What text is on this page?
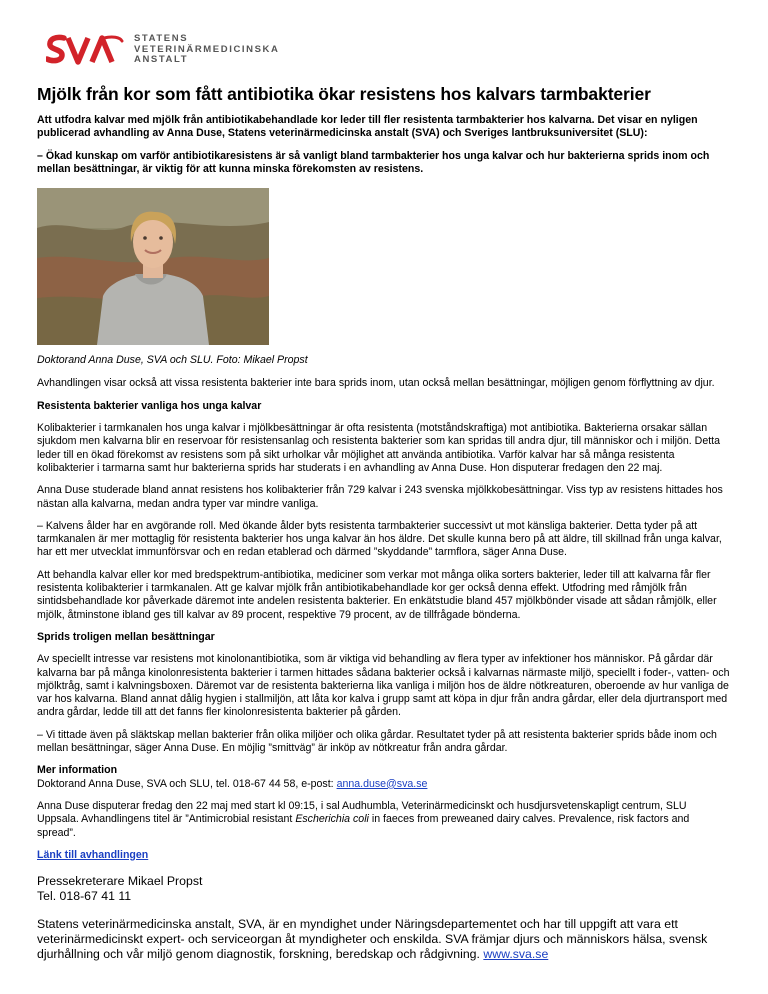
STATENS
VETERINÄRMEDICINSKA
ANSTALT
Mjölk från kor som fått antibiotika ökar resistens hos kalvars tarmbakterier

Att utfodra kalvar med mjölk från antibiotikabehandlade kor leder till fler resistenta tarmbakterier hos kalvarna. Det visar en nyligen publicerad avhandling av Anna Duse, Statens veterinärmedicinska anstalt (SVA) och Sveriges lantbruksuniversitet (SLU):

– Ökad kunskap om varför antibiotikaresistens är så vanligt bland tarmbakterier hos unga kalvar och hur bakterierna sprids inom och mellan besättningar, är viktig för att kunna minska förekomsten av resistens.

Doktorand Anna Duse, SVA och SLU. Foto: Mikael Propst

Avhandlingen visar också att vissa resistenta bakterier inte bara sprids inom, utan också mellan besättningar, möjligen genom förflyttning av djur.

Resistenta bakterier vanliga hos unga kalvar

Kolibakterier i tarmkanalen hos unga kalvar i mjölkbesättningar är ofta resistenta (motståndskraftiga) mot antibiotika. Bakterierna orsakar sällan sjukdom men kalvarna blir en reservoar för resistensanlag och resistenta bakterier som kan spridas till andra djur, till människor och i miljön. Detta leder till en ökad förekomst av resistens som på sikt urholkar vår möjlighet att använda antibiotika. Varför kalvar har så många resistenta kolibakterier i tarmarna samt hur bakterierna sprids har studerats i en avhandling av Anna Duse. Hon disputerar fredagen den 22 maj.

Anna Duse studerade bland annat resistens hos kolibakterier från 729 kalvar i 243 svenska mjölkkobesättningar. Viss typ av resistens hittades hos nästan alla kalvarna, medan andra typer var mindre vanliga.

– Kalvens ålder har en avgörande roll. Med ökande ålder byts resistenta tarmbakterier successivt ut mot känsliga bakterier. Detta tyder på att tarmkanalen är mer mottaglig för resistenta bakterier hos unga kalvar än hos äldre. Det skulle kunna bero på att äldre, till skillnad från unga kalvar, har ett mer utvecklat immunförsvar och en redan etablerad och därmed ”skyddande” tarmflora, säger Anna Duse.

Att behandla kalvar eller kor med bredspektrum-antibiotika, mediciner som verkar mot många olika sorters bakterier, leder till att kalvarna får fler resistenta kolibakterier i tarmkanalen. Att ge kalvar mjölk från antibiotikabehandlade kor ger också denna effekt. Utfodring med råmjölk från sintidsbehandlade kor påverkade däremot inte andelen resistenta bakterier. En enkätstudie bland 457 mjölkbönder visade att sådan råmjölk, eller mjölk, åtminstone ibland ges till kalvar av 89 procent, respektive 79 procent, av de tillfrågade bönderna.

Sprids troligen mellan besättningar

Av speciellt intresse var resistens mot kinolonantibiotika, som är viktiga vid behandling av flera typer av infektioner hos människor. På gårdar där kalvarna bar på många kinolonresistenta bakterier i tarmen hittades sådana bakterier också i kalvarnas närmaste miljö, speciellt i foder-, vatten- och mjölktråg, samt i kalvningsboxen. Däremot var de resistenta bakterierna lika vanliga i miljön hos de äldre nötkreaturen, oberoende av hur vanliga de var hos kalvarna. Bland annat dålig hygien i stallmiljön, att låta kor kalva i grupp samt att köpa in djur från andra gårdar, eller dela djurtransport med andra gårdar, ledde till att det fanns fler kinolonresistenta bakterier på gården.

– Vi tittade även på släktskap mellan bakterier från olika miljöer och olika gårdar. Resultatet tyder på att resistenta bakterier sprids både inom och mellan besättningar, säger Anna Duse. En möjlig ”smittväg” är inköp av nötkreatur från andra gårdar.

Mer information

Doktorand Anna Duse, SVA och SLU, tel. 018-67 44 58, e-post: anna.duse@sva.se

Anna Duse disputerar fredag den 22 maj med start kl 09:15, i sal Audhumbla, Veterinärmedicinskt och husdjursvetenskapligt centrum, SLU Uppsala. Avhandlingens titel är ”Antimicrobial resistant Escherichia coli in faeces from preweaned dairy calves. Prevalence, risk factors and spread”.

Länk till avhandlingen

Pressekreterare Mikael Propst
Tel. 018-67 41 11
Statens veterinärmedicinska anstalt, SVA, är en myndighet under Näringsdepartementet och har till uppgift att vara ett veterinärmedicinskt expert- och serviceorgan åt myndigheter och enskilda. SVA främjar djurs och människors hälsa, svensk djurhållning och vår miljö genom diagnostik, forskning, beredskap och rådgivning. www.sva.se
